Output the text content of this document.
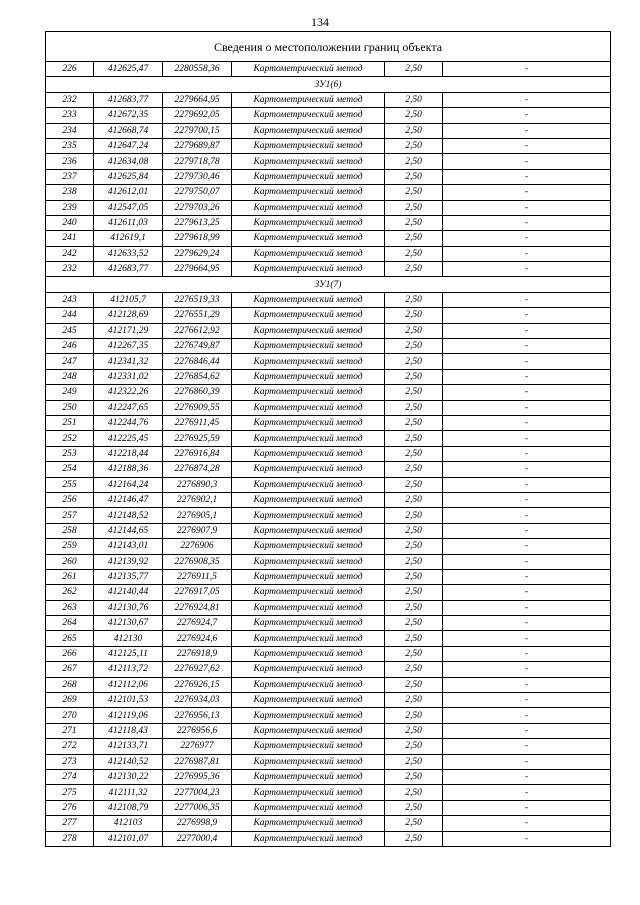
134
Сведения о местоположении границ объекта					
226	412625,47	2280558,36	Картометрический метод	2,50	-
ЗУ1(6)					
232	412683,77	2279664,95	Картометрический метод	2,50	-
233	412672,35	2279692,05	Картометрический метод	2,50	-
234	412668,74	2279700,15	Картометрический метод	2,50	-
235	412647,24	2279689,87	Картометрический метод	2,50	-
236	412634,08	2279718,78	Картометрический метод	2,50	-
237	412625,84	2279730,46	Картометрический метод	2,50	-
238	412612,01	2279750,07	Картометрический метод	2,50	-
239	412547,05	2279703,26	Картометрический метод	2,50	-
240	412611,03	2279613,25	Картометрический метод	2,50	-
241	412619,1	2279618,99	Картометрический метод	2,50	-
242	412633,52	2279629,24	Картометрический метод	2,50	-
232	412683,77	2279664,95	Картометрический метод	2,50	-
ЗУ1(7)					
243	412105,7	2276519,33	Картометрический метод	2,50	-
244	412128,69	2276551,29	Картометрический метод	2,50	-
245	412171,29	2276612,92	Картометрический метод	2,50	-
246	412267,35	2276749,87	Картометрический метод	2,50	-
247	412341,32	2276846,44	Картометрический метод	2,50	-
248	412331,02	2276854,62	Картометрический метод	2,50	-
249	412322,26	2276860,39	Картометрический метод	2,50	-
250	412247,65	2276909,55	Картометрический метод	2,50	-
251	412244,76	2276911,45	Картометрический метод	2,50	-
252	412225,45	2276925,59	Картометрический метод	2,50	-
253	412218,44	2276916,84	Картометрический метод	2,50	-
254	412188,36	2276874,28	Картометрический метод	2,50	-
255	412164,24	2276890,3	Картометрический метод	2,50	-
256	412146,47	2276902,1	Картометрический метод	2,50	-
257	412148,52	2276905,1	Картометрический метод	2,50	-
258	412144,65	2276907,9	Картометрический метод	2,50	-
259	412143,01	2276906	Картометрический метод	2,50	-
260	412139,92	2276908,35	Картометрический метод	2,50	-
261	412135,77	2276911,5	Картометрический метод	2,50	-
262	412140,44	2276917,05	Картометрический метод	2,50	-
263	412130,76	2276924,81	Картометрический метод	2,50	-
264	412130,67	2276924,7	Картометрический метод	2,50	-
265	412130	2276924,6	Картометрический метод	2,50	-
266	412125,11	2276918,9	Картометрический метод	2,50	-
267	412113,72	2276927,62	Картометрический метод	2,50	-
268	412112,06	2276926,15	Картометрический метод	2,50	-
269	412101,53	2276934,03	Картометрический метод	2,50	-
270	412119,06	2276956,13	Картометрический метод	2,50	-
271	412118,43	2276956,6	Картометрический метод	2,50	-
272	412133,71	2276977	Картометрический метод	2,50	-
273	412140,52	2276987,81	Картометрический метод	2,50	-
274	412130,22	2276995,36	Картометрический метод	2,50	-
275	412111,32	2277004,23	Картометрический метод	2,50	-
276	412108,79	2277006,35	Картометрический метод	2,50	-
277	412103	2276998,9	Картометрический метод	2,50	-
278	412101,07	2277000,4	Картометрический метод	2,50	-
